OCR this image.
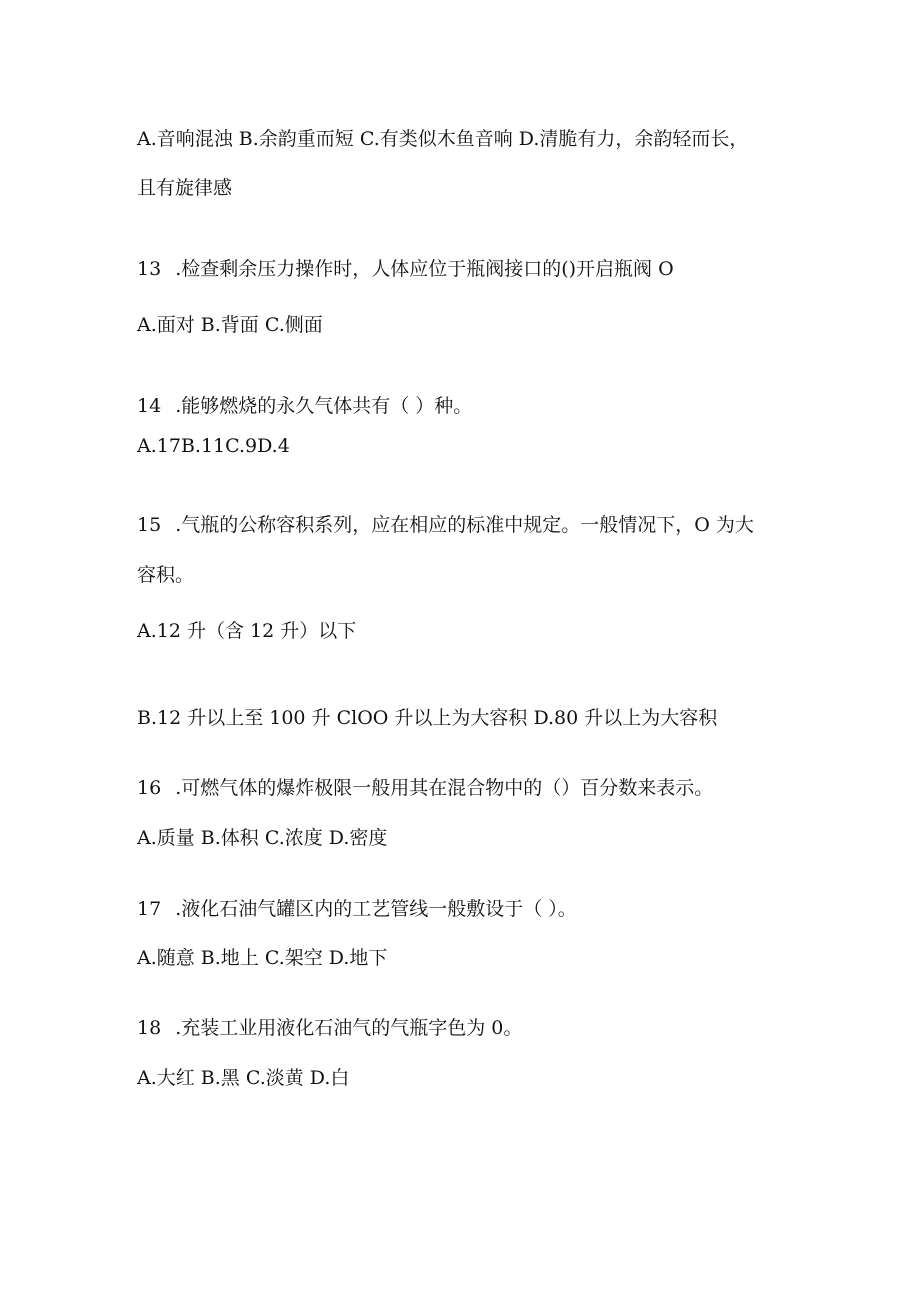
A.音响混浊 B.余韵重而短 C.有类似木鱼音响 D.清脆有力，余韵轻而长，

且有旋律感

13 .检查剩余压力操作时，人体应位于瓶阀接口的()开启瓶阀 O

A.面对 B.背面 C.侧面

14 .能够燃烧的永久气体共有（ ）种。

A.17B.11C.9D.4

15 .气瓶的公称容积系列，应在相应的标准中规定。一般情况下，O 为大

容积。

A.12 升（含 12 升）以下

B.12 升以上至 100 升 ClOO 升以上为大容积 D.80 升以上为大容积

16 .可燃气体的爆炸极限一般用其在混合物中的（）百分数来表示。

A.质量 B.体积 C.浓度 D.密度

17 .液化石油气罐区内的工艺管线一般敷设于（ ）。

A.随意 B.地上 C.架空 D.地下

18 .充装工业用液化石油气的气瓶字色为 0。

A.大红 B.黑 C.淡黄 D.白
